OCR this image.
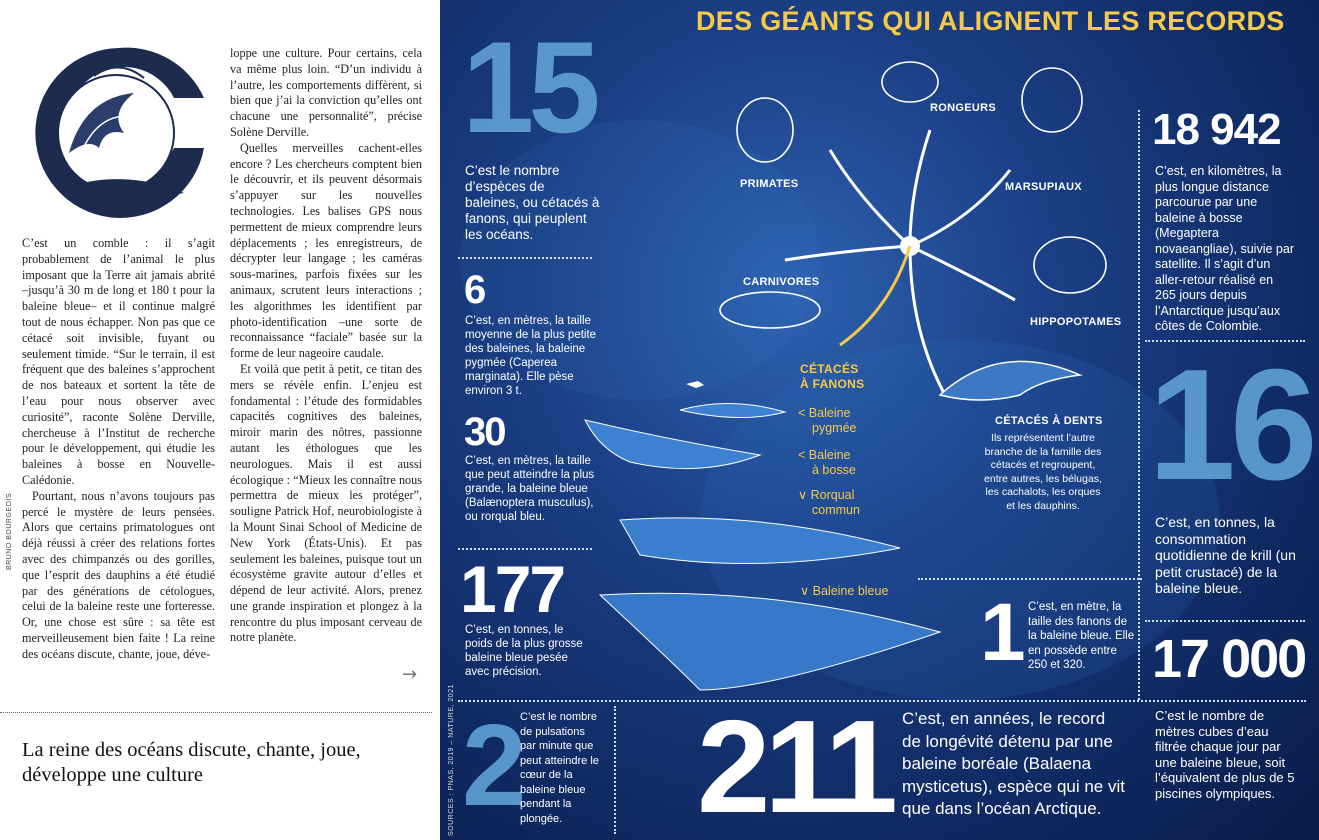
C’est un comble : il s’agit probablement de l’animal le plus imposant que la Terre ait jamais abrité –jusqu’à 30 m de long et 180 t pour la baleine bleue– et il continue malgré tout de nous échapper. Non pas que ce cétacé soit invisible, fuyant ou seulement timide. “Sur le terrain, il est fréquent que des baleines s’approchent de nos bateaux et sortent la tête de l’eau pour nous observer avec curiosité”, raconte Solène Derville, chercheuse à l’Institut de recherche pour le développement, qui étudie les baleines à bosse en Nouvelle-Calédonie.

Pourtant, nous n’avons toujours pas percé le mystère de leurs pensées. Alors que certains primatologues ont déjà réussi à créer des relations fortes avec des chimpanzés ou des gorilles, que l’esprit des dauphins a été étudié par des générations de cétologues, celui de la baleine reste une forteresse. Or, une chose est sûre : sa tête est merveilleusement bien faite ! La reine des océans discute, chante, joue, déve-

loppe une culture. Pour certains, cela va même plus loin. “D’un individu à l’autre, les comportements diffèrent, si bien que j’ai la conviction qu’elles ont chacune une personnalité”, précise Solène Derville.

Quelles merveilles cachent-elles encore ? Les chercheurs comptent bien le découvrir, et ils peuvent désormais s’appuyer sur les nouvelles technologies. Les balises GPS nous permettent de mieux comprendre leurs déplacements ; les enregistreurs, de décrypter leur langage ; les caméras sous-marines, parfois fixées sur les animaux, scrutent leurs interactions ; les algorithmes les identifient par photo-identification –une sorte de reconnaissance “faciale” basée sur la forme de leur nageoire caudale.

Et voilà que petit à petit, ce titan des mers se révèle enfin. L’enjeu est fondamental : l’étude des formidables capacités cognitives des baleines, miroir marin des nôtres, passionne autant les éthologues que les neurologues. Mais il est aussi écologique : “Mieux les connaître nous permettra de mieux les protéger”, souligne Patrick Hof, neurobiologiste à la Mount Sinai School of Medicine de New York (États-Unis). Et pas seulement les baleines, puisque tout un écosystème gravite autour d’elles et dépend de leur activité. Alors, prenez une grande inspiration et plongez à la rencontre du plus imposant cerveau de notre planète.

BRUNO BOURGEOIS
→
La reine des océans discute, chante, joue, développe une culture
DES GÉANTS QUI ALIGNENT LES RECORDS
15
C’est le nombre d’espèces de baleines, ou cétacés à fanons, qui peuplent les océans.
6
C’est, en mètres, la taille moyenne de la plus petite des baleines, la baleine pygmée (Caperea marginata). Elle pèse environ 3 t.
30
C’est, en mètres, la taille que peut atteindre la plus grande, la baleine bleue (Balænoptera musculus), ou rorqual bleu.
177
C’est, en tonnes, le poids de la plus grosse baleine bleue pesée avec précision.
2 C’est le nombre de pulsations par minute que peut atteindre le cœur de la baleine bleue pendant la plongée.	211 C’est, en années, le record de longévité détenu par une baleine boréale (Balaena mysticetus), espèce qui ne vit que dans l’océan Arctique.
1 C’est, en mètre, la taille des fanons de la baleine bleue. Elle en possède entre 250 et 320.
18 942
C’est, en kilomètres, la plus longue distance parcourue par une baleine à bosse (Megaptera novaeangliae), suivie par satellite. Il s’agit d’un aller-retour réalisé en 265 jours depuis l’Antarctique jusqu’aux côtes de Colombie.
16
C’est, en tonnes, la consommation quotidienne de krill (un petit crustacé) de la baleine bleue.
17 000
C’est le nombre de mètres cubes d’eau filtrée chaque jour par une baleine bleue, soit l’équivalent de plus de 5 piscines olympiques.
PRIMATES
RONGEURS
MARSUPIAUX
CARNIVORES
HIPPOPOTAMES
CÉTACÉS
À FANONS
CÉTACÉS À DENTS
Ils représentent l’autre
branche de la famille des
cétacés et regroupent,
entre autres, les bélugas,
les cachalots, les orques
et les dauphins.
< Baleine
pygmée
< Baleine
à bosse
∨ Rorqual
commun
∨ Baleine bleue
SOURCES : PNAS, 2019 – NATURE, 2021
